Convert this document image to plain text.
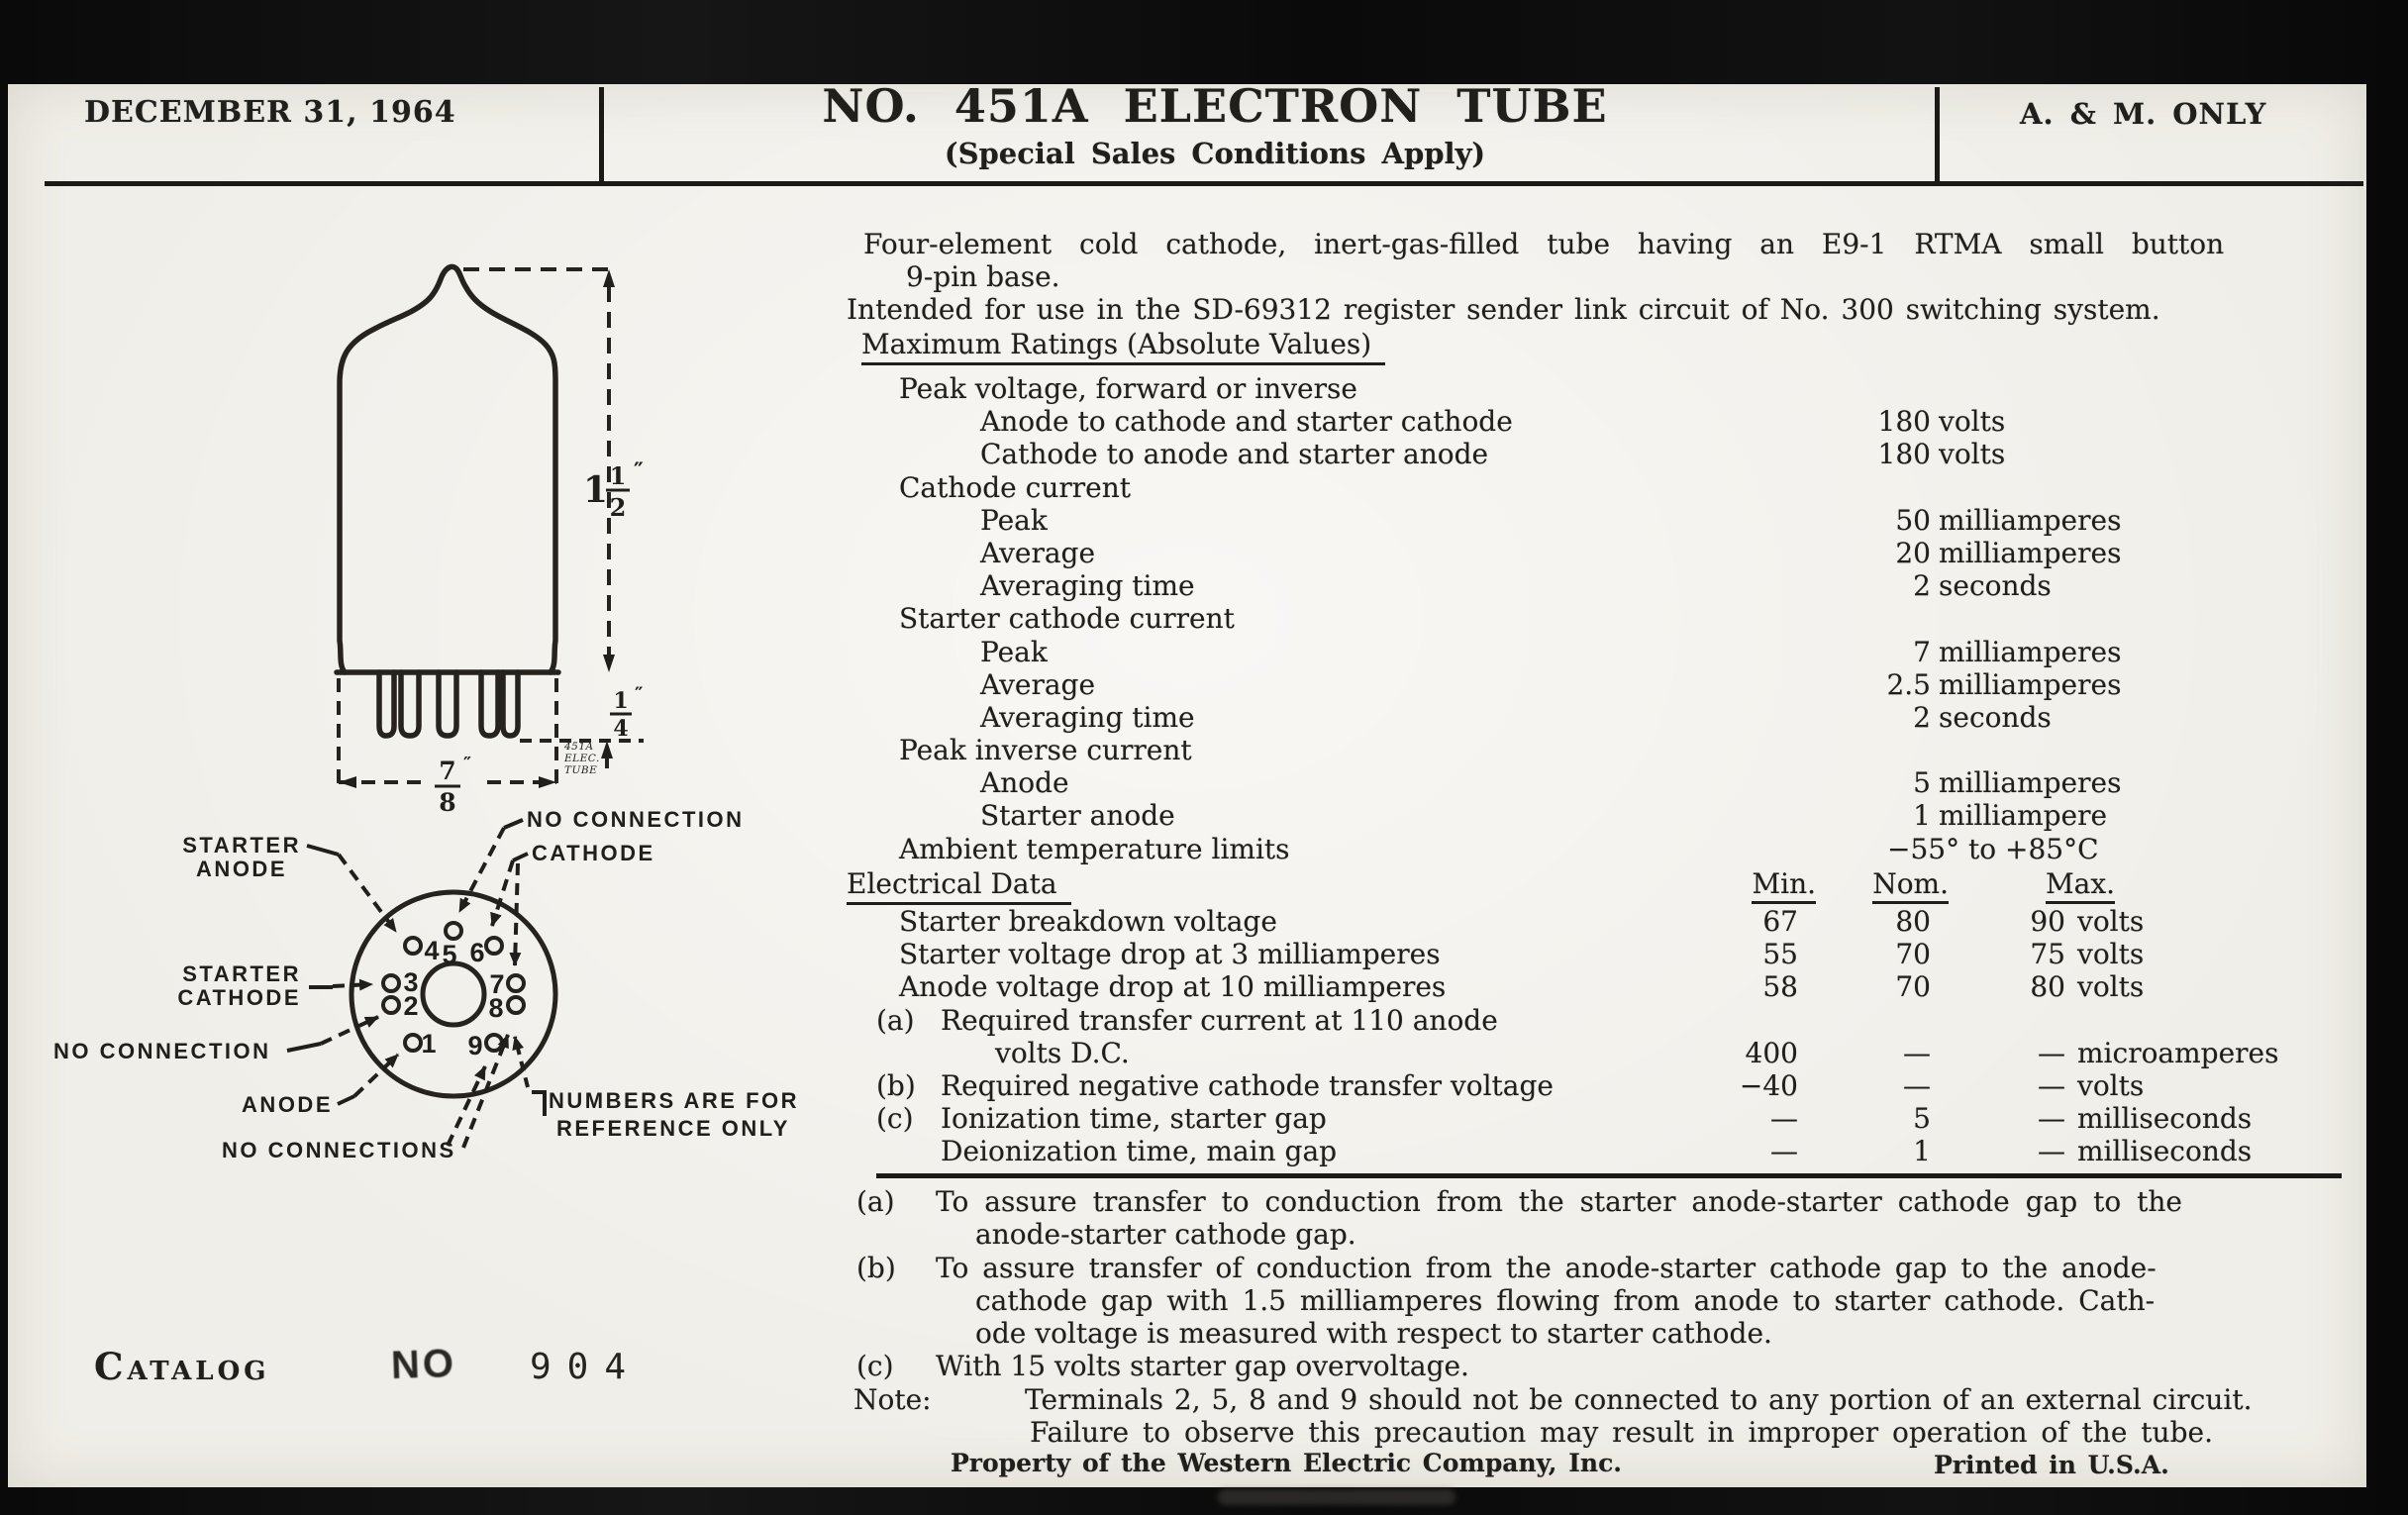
DECEMBER 31, 1964	NO. 451A ELECTRON TUBE
(Special Sales Conditions Apply)
A. & M. ONLY
1 1
2
″
1
4
″
7 ″
8
451A
ELEC.
TUBE
1
2
3
4 5 6
7
8
9
STARTER
ANODE
STARTER
CATHODE
NO CONNECTION
ANODE
NO CONNECTIONS
NO CONNECTION
CATHODE
NUMBERS ARE FOR
REFERENCE ONLY
Catalog	NO 904
Four-element cold cathode, inert-gas-filled tube having an E9-1 RTMA small button
9-pin base.
Intended for use in the SD-69312 register sender link circuit of No. 300 switching system.
Maximum Ratings (Absolute Values)
Peak voltage, forward or inverse
Anode to cathode and starter cathode	180 volts
Cathode to anode and starter anode	180 volts
Cathode current
Peak	50 milliamperes
Average	20 milliamperes
Averaging time	2 seconds
Starter cathode current
Peak	7 milliamperes
Average	2.5 milliamperes
Averaging time	2 seconds
Peak inverse current
Anode	5 milliamperes
Starter anode	1 milliampere
Ambient temperature limits	−55° to +85°C
Electrical Data	Min.	Nom.	Max.
Starter breakdown voltage	67	80	90 volts
Starter voltage drop at 3 milliamperes	55	70	75 volts
Anode voltage drop at 10 milliamperes	58	70	80 volts
(a) Required transfer current at 110 anode
volts D.C.	400	—	— microamperes
(b) Required negative cathode transfer voltage	−40	—	— volts
(c) Ionization time, starter gap	—	5	— milliseconds
Deionization time, main gap	—	1	— milliseconds
(a) To assure transfer to conduction from the starter anode-starter cathode gap to the
anode-starter cathode gap.
(b) To assure transfer of conduction from the anode-starter cathode gap to the anode-
cathode gap with 1.5 milliamperes flowing from anode to starter cathode. Cath-
ode voltage is measured with respect to starter cathode.
(c) With 15 volts starter gap overvoltage.
Note:	Terminals 2, 5, 8 and 9 should not be connected to any portion of an external circuit.
Failure to observe this precaution may result in improper operation of the tube.
Property of the Western Electric Company, Inc.	Printed in U.S.A.
